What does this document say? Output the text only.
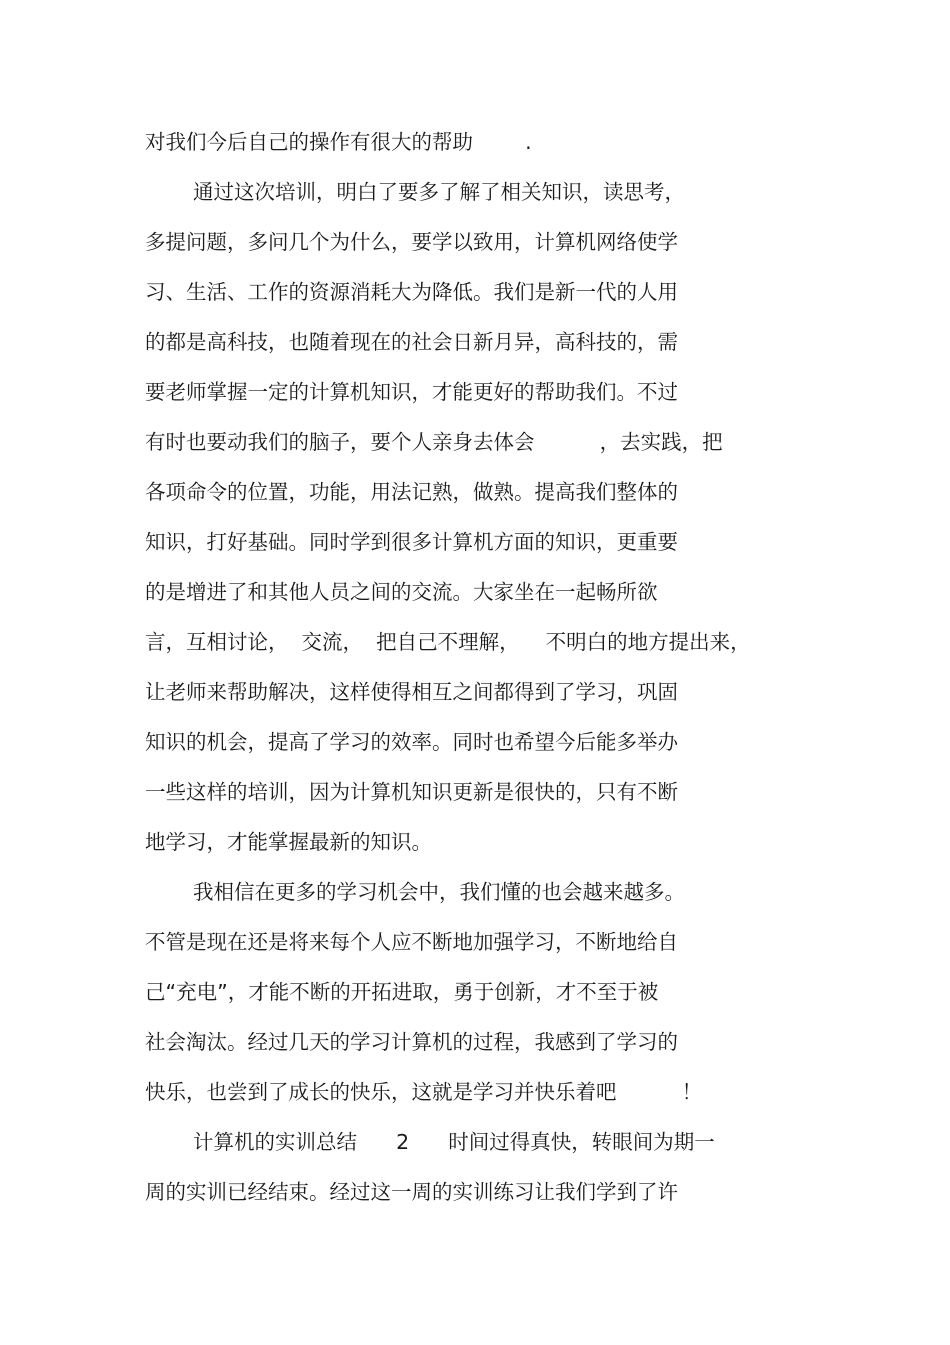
对我们今后自己的操作有很大的帮助        .

通过这次培训，明白了要多了解了相关知识，读思考，

多提问题，多问几个为什么，要学以致用，计算机网络使学

习、生活、工作的资源消耗大为降低。我们是新一代的人用

的都是高科技，也随着现在的社会日新月异，高科技的，需

要老师掌握一定的计算机知识，才能更好的帮助我们。不过

有时也要动我们的脑子，要个人亲身去体会          ，去实践，把

各项命令的位置，功能，用法记熟，做熟。提高我们整体的

知识，打好基础。同时学到很多计算机方面的知识，更重要

的是增进了和其他人员之间的交流。大家坐在一起畅所欲

言，互相讨论，  交流，  把自己不理解，    不明白的地方提出来，

让老师来帮助解决，这样使得相互之间都得到了学习，巩固

知识的机会，提高了学习的效率。同时也希望今后能多举办

一些这样的培训，因为计算机知识更新是很快的，只有不断

地学习，才能掌握最新的知识。

我相信在更多的学习机会中，我们懂的也会越来越多。

不管是现在还是将来每个人应不断地加强学习，不断地给自

己“充电”，才能不断的开拓进取，勇于创新，才不至于被

社会淘汰。经过几天的学习计算机的过程，我感到了学习的

快乐，也尝到了成长的快乐，这就是学习并快乐着吧          ！

计算机的实训总结      2      时间过得真快，转眼间为期一

周的实训已经结束。经过这一周的实训练习让我们学到了许
